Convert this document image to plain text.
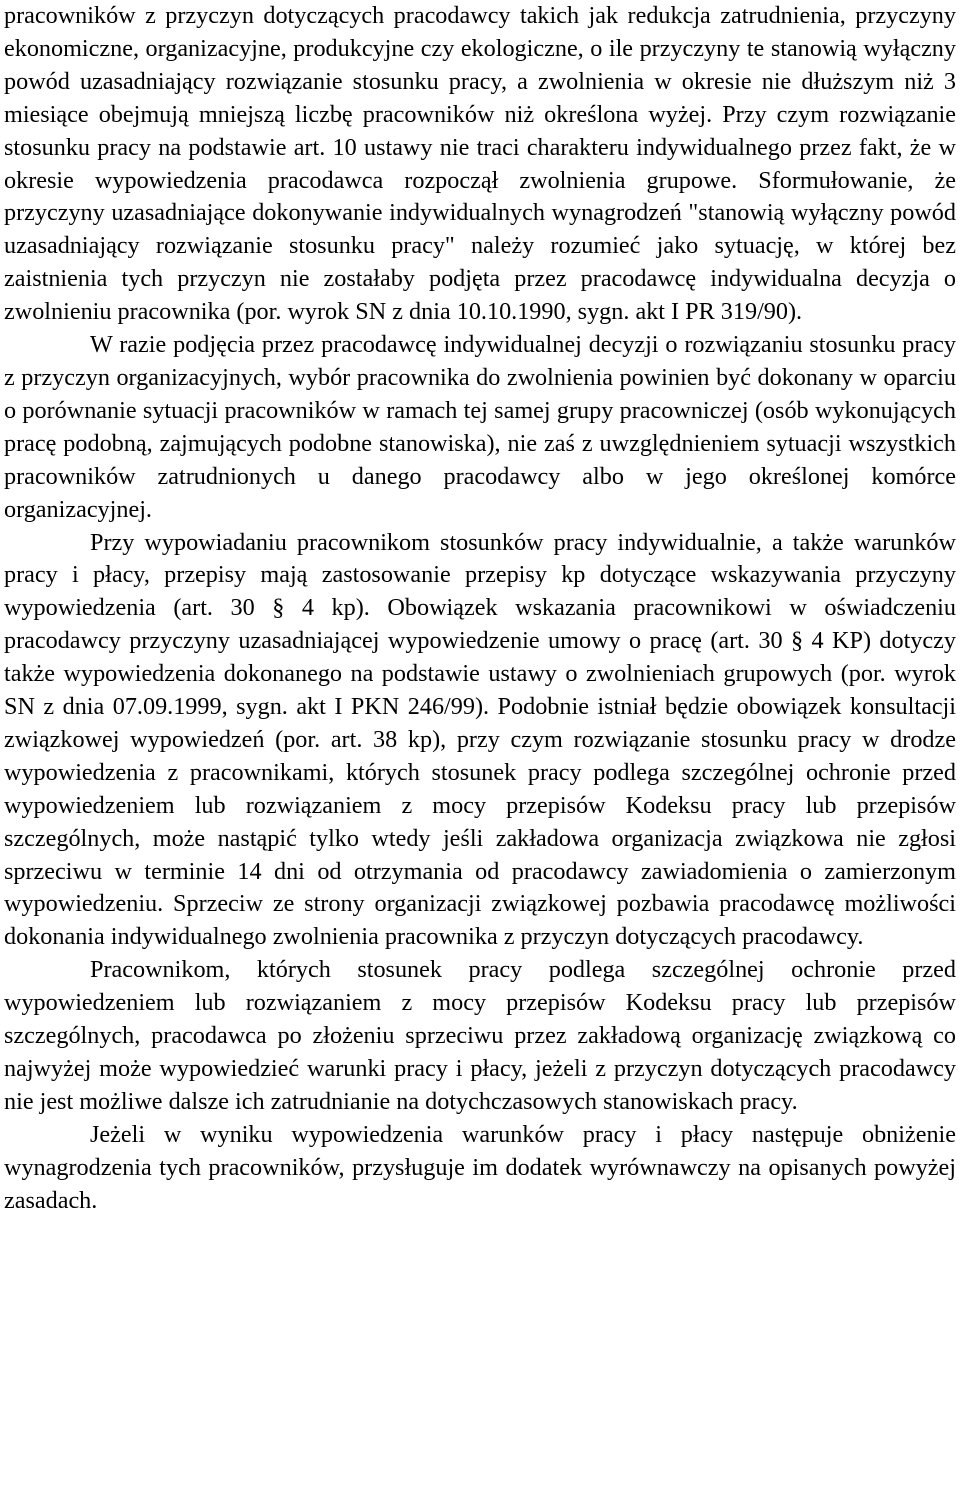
pracowników z przyczyn dotyczących pracodawcy takich jak redukcja zatrudnienia, przyczyny ekonomiczne, organizacyjne, produkcyjne czy ekologiczne, o ile przyczyny te stanowią wyłączny powód uzasadniający rozwiązanie stosunku pracy, a zwolnienia w okresie nie dłuższym niż 3 miesiące obejmują mniejszą liczbę pracowników niż określona wyżej. Przy czym rozwiązanie stosunku pracy na podstawie art. 10 ustawy nie traci charakteru indywidualnego przez fakt, że w okresie wypowiedzenia pracodawca rozpoczął zwolnienia grupowe. Sformułowanie, że przyczyny uzasadniające dokonywanie indywidualnych wynagrodzeń "stanowią wyłączny powód uzasadniający rozwiązanie stosunku pracy" należy rozumieć jako sytuację, w której bez zaistnienia tych przyczyn nie zostałaby podjęta przez pracodawcę indywidualna decyzja o zwolnieniu pracownika (por. wyrok SN z dnia 10.10.1990, sygn. akt I PR 319/90).

W razie podjęcia przez pracodawcę indywidualnej decyzji o rozwiązaniu stosunku pracy z przyczyn organizacyjnych, wybór pracownika do zwolnienia powinien być dokonany w oparciu o porównanie sytuacji pracowników w ramach tej samej grupy pracowniczej (osób wykonujących pracę podobną, zajmujących podobne stanowiska), nie zaś z uwzględnieniem sytuacji wszystkich pracowników zatrudnionych u danego pracodawcy albo w jego określonej komórce organizacyjnej.

Przy wypowiadaniu pracownikom stosunków pracy indywidualnie, a także warunków pracy i płacy, przepisy mają zastosowanie przepisy kp dotyczące wskazywania przyczyny wypowiedzenia (art. 30 § 4 kp). Obowiązek wskazania pracownikowi w oświadczeniu pracodawcy przyczyny uzasadniającej wypowiedzenie umowy o pracę (art. 30 § 4 KP) dotyczy także wypowiedzenia dokonanego na podstawie ustawy o zwolnieniach grupowych (por. wyrok SN z dnia 07.09.1999, sygn. akt I PKN 246/99). Podobnie istniał będzie obowiązek konsultacji związkowej wypowiedzeń (por. art. 38 kp), przy czym rozwiązanie stosunku pracy w drodze wypowiedzenia z pracownikami, których stosunek pracy podlega szczególnej ochronie przed wypowiedzeniem lub rozwiązaniem z mocy przepisów Kodeksu pracy lub przepisów szczególnych, może nastąpić tylko wtedy jeśli zakładowa organizacja związkowa nie zgłosi sprzeciwu w terminie 14 dni od otrzymania od pracodawcy zawiadomienia o zamierzonym wypowiedzeniu. Sprzeciw ze strony organizacji związkowej pozbawia pracodawcę możliwości dokonania indywidualnego zwolnienia pracownika z przyczyn dotyczących pracodawcy.

Pracownikom, których stosunek pracy podlega szczególnej ochronie przed wypowiedzeniem lub rozwiązaniem z mocy przepisów Kodeksu pracy lub przepisów szczególnych, pracodawca po złożeniu sprzeciwu przez zakładową organizację związkową co najwyżej może wypowiedzieć warunki pracy i płacy, jeżeli z przyczyn dotyczących pracodawcy nie jest możliwe dalsze ich zatrudnianie na dotychczasowych stanowiskach pracy.

Jeżeli w wyniku wypowiedzenia warunków pracy i płacy następuje obniżenie wynagrodzenia tych pracowników, przysługuje im dodatek wyrównawczy na opisanych powyżej zasadach.
